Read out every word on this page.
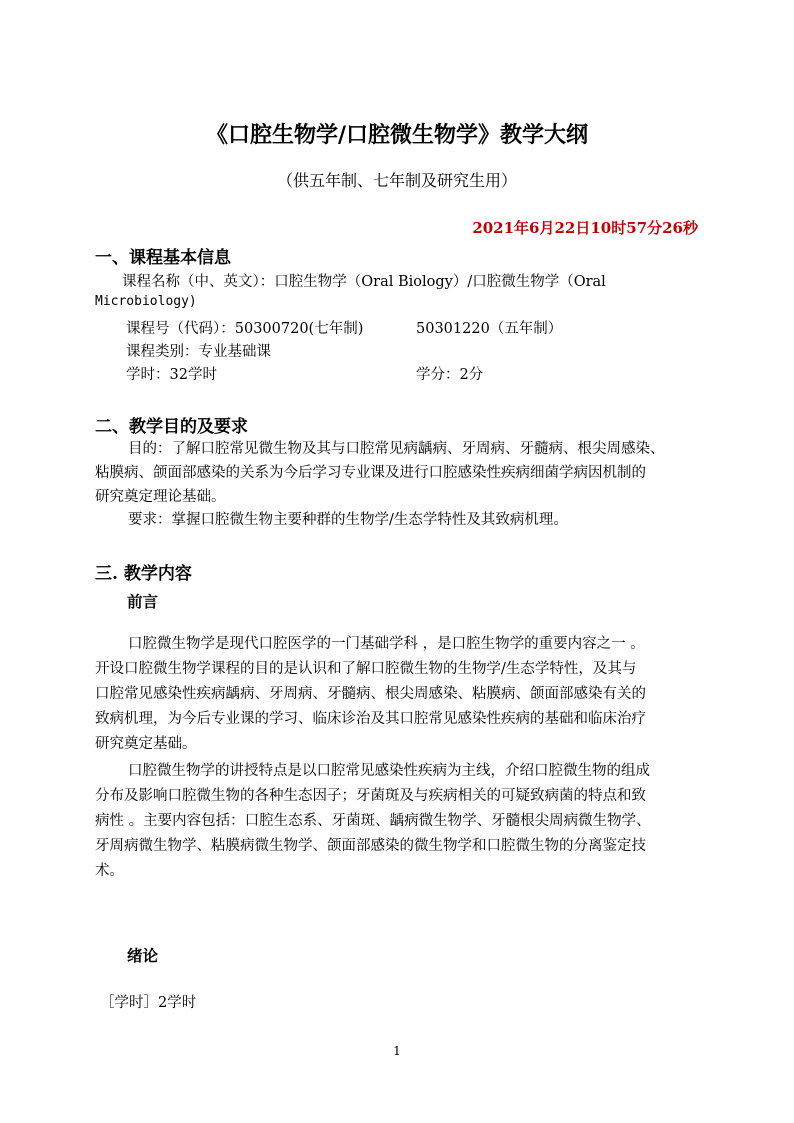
《口腔生物学/口腔微生物学》教学大纲
（供五年制、七年制及研究生用）
2021年6月22日10时57分26秒
一、课程基本信息
课程名称（中、英文）：口腔生物学（Oral Biology）/口腔微生物学（Oral
Microbiology)
课程号（代码）：50300720(七年制)	50301220（五年制）
课程类别：专业基础课
学时：32学时	学分：2分
二、教学目的及要求
目的：了解口腔常见微生物及其与口腔常见病龋病、牙周病、牙髓病、根尖周感染、
粘膜病、颌面部感染的关系为今后学习专业课及进行口腔感染性疾病细菌学病因机制的
研究奠定理论基础。
要求：掌握口腔微生物主要种群的生物学/生态学特性及其致病机理。
三. 教学内容
前言
口腔微生物学是现代口腔医学的一门基础学科 ，是口腔生物学的重要内容之一 。
开设口腔微生物学课程的目的是认识和了解口腔微生物的生物学/生态学特性，及其与
口腔常见感染性疾病龋病、牙周病、牙髓病、根尖周感染、粘膜病、颌面部感染有关的
致病机理，为今后专业课的学习、临床诊治及其口腔常见感染性疾病的基础和临床治疗
研究奠定基础。
口腔微生物学的讲授特点是以口腔常见感染性疾病为主线，介绍口腔微生物的组成
分布及影响口腔微生物的各种生态因子；牙菌斑及与疾病相关的可疑致病菌的特点和致
病性 。主要内容包括：口腔生态系、牙菌斑、龋病微生物学、牙髓根尖周病微生物学、
牙周病微生物学、粘膜病微生物学、颌面部感染的微生物学和口腔微生物的分离鉴定技
术。
绪论
［学时］2学时
1
